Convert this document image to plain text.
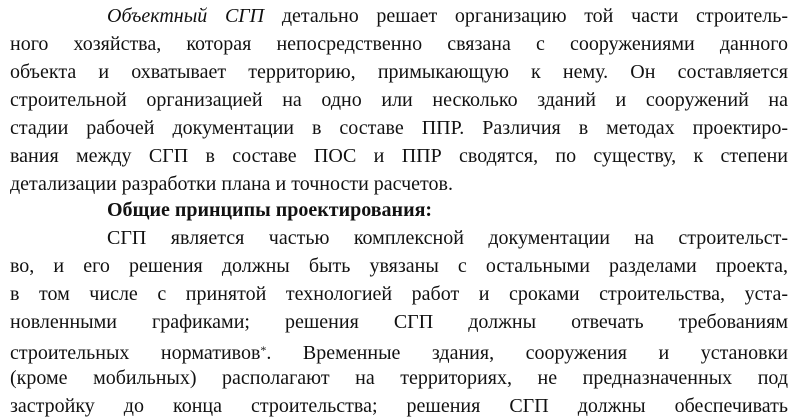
Объектный СГП детально решает организацию той части строитель-
ного хозяйства, которая непосредственно связана с сооружениями данного
объекта и охватывает территорию, примыкающую к нему. Он составляется
строительной организацией на одно или несколько зданий и сооружений на
стадии рабочей документации в составе ППР. Различия в методах проектиро-
вания между СГП в составе ПОС и ППР сводятся, по существу, к степени
детализации разработки плана и точности расчетов.
Общие принципы проектирования:
СГП является частью комплексной документации на строительст-
во, и его решения должны быть увязаны с остальными разделами проекта,
в том числе с принятой технологией работ и сроками строительства, уста-
новленными графиками; решения СГП должны отвечать требованиям
строительных нормативов*. Временные здания, сооружения и установки
(кроме мобильных) располагают на территориях, не предназначенных под
застройку до конца строительства; решения СГП должны обеспечивать
